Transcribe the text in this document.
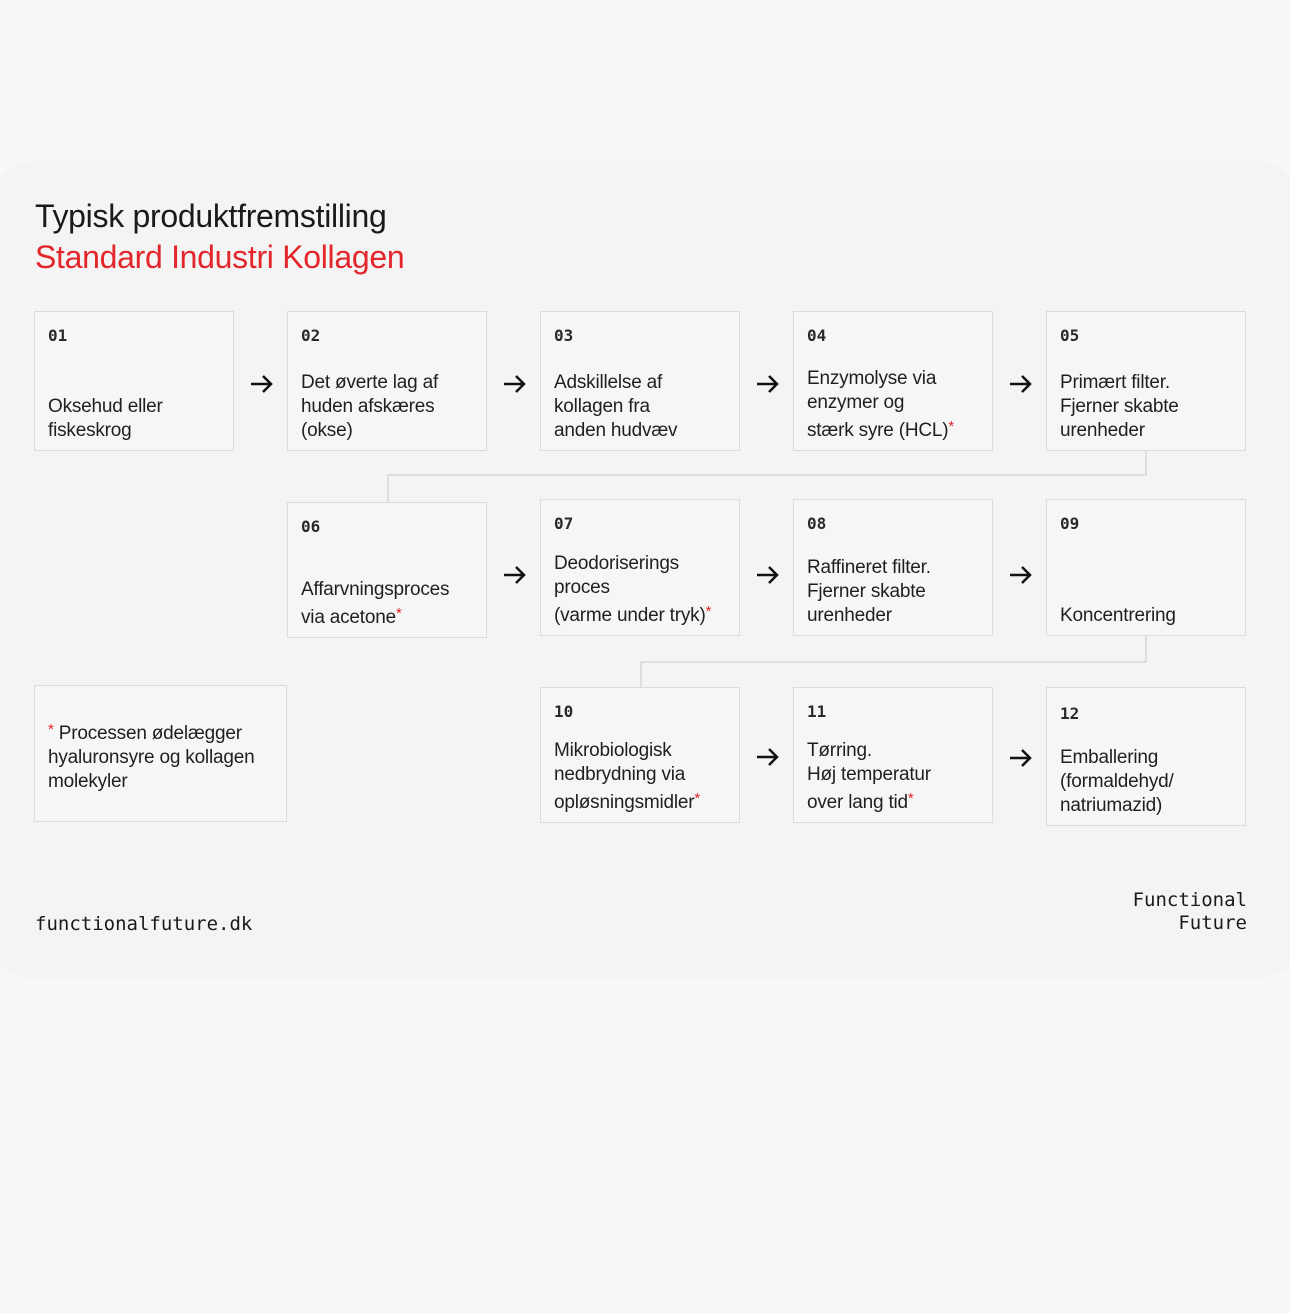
Typisk produktfremstilling
Standard Industri Kollagen
01
Oksehud eller
fiskeskrog
02
Det øverte lag af
huden afskæres
(okse)
03
Adskillelse af
kollagen fra
anden hudvæv
04
Enzymolyse via
enzymer og
stærk syre (HCL)*
05
Primært filter.
Fjerner skabte
urenheder
06
Affarvningsproces
via acetone*
07
Deodoriserings
proces
(varme under tryk)*
08
Raffineret filter.
Fjerner skabte
urenheder
09
Koncentrering
10
Mikrobiologisk
nedbrydning via
opløsningsmidler*
11
Tørring.
Høj temperatur
over lang tid*
12
Emballering
(formaldehyd/
natriumazid)
* Processen ødelægger
hyaluronsyre og kollagen
molekyler
functionalfuture.dk
Functional
Future
